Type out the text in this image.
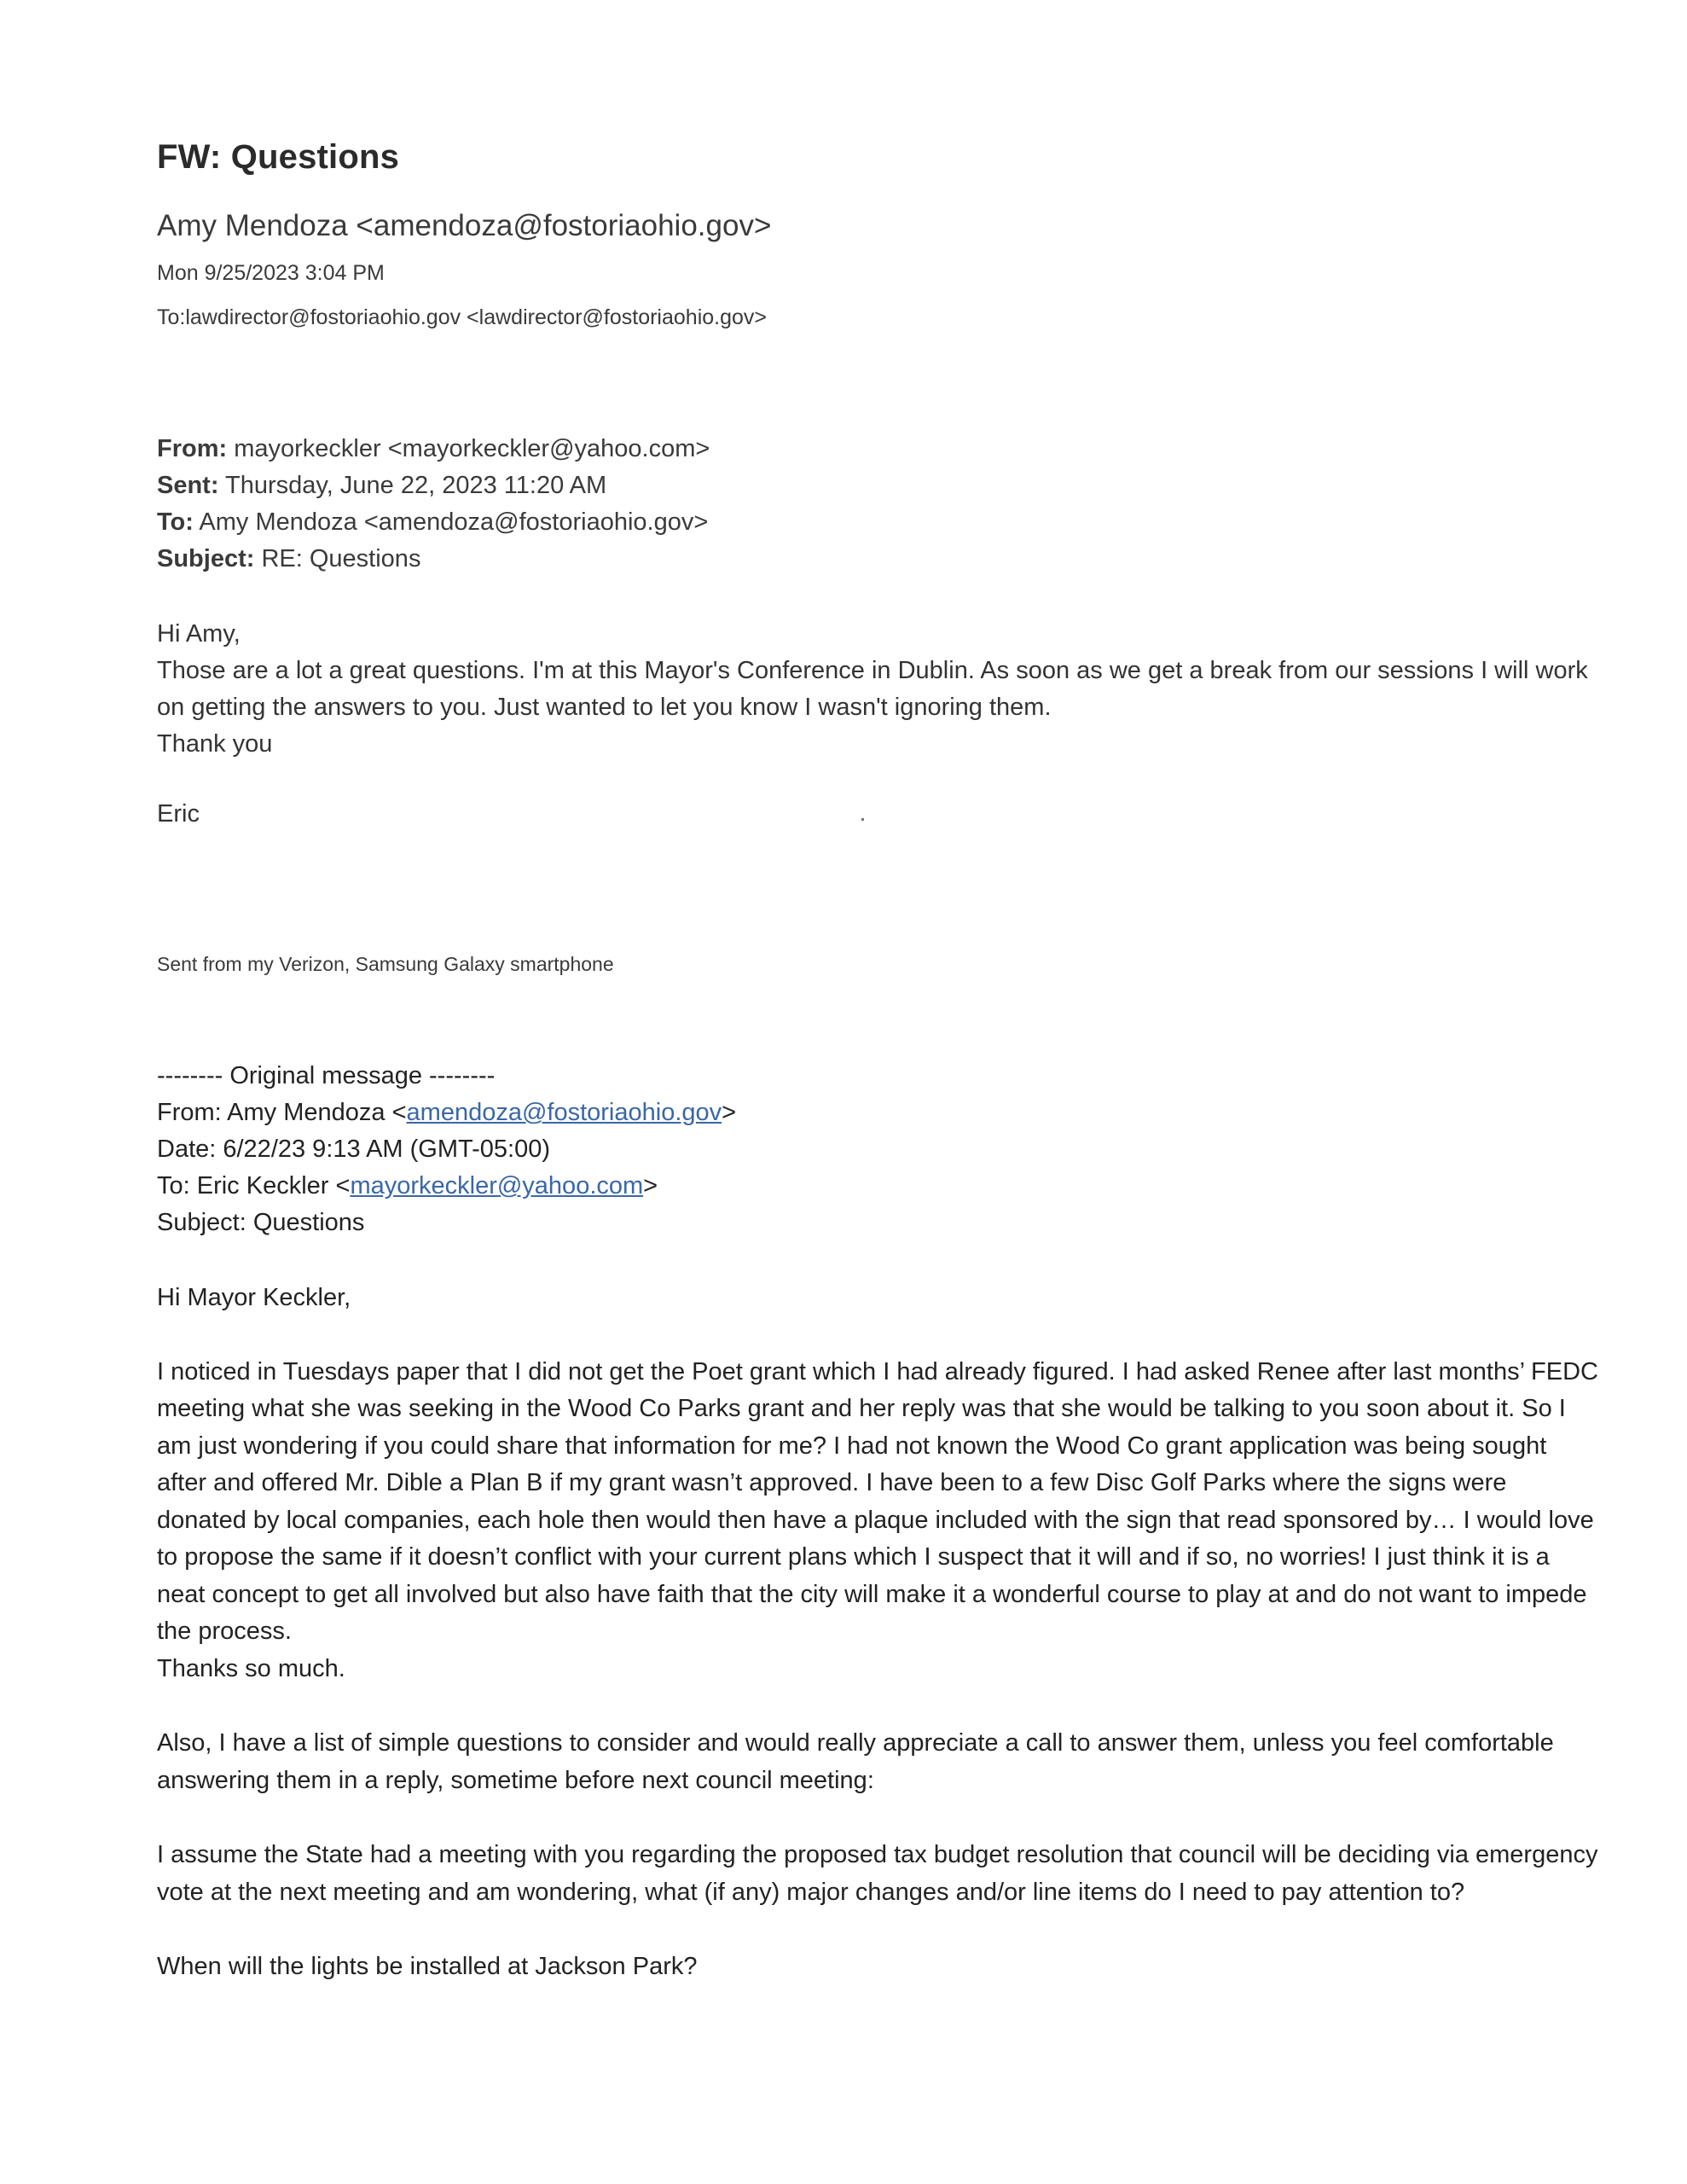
FW: Questions
Amy Mendoza <amendoza@fostoriaohio.gov>
Mon 9/25/2023 3:04 PM
To:lawdirector@fostoriaohio.gov <lawdirector@fostoriaohio.gov>
From: mayorkeckler <mayorkeckler@yahoo.com>
Sent: Thursday, June 22, 2023 11:20 AM
To: Amy Mendoza <amendoza@fostoriaohio.gov>
Subject: RE: Questions

Hi Amy,

Those are a lot a great questions. I'm at this Mayor's Conference in Dublin. As soon as we get a break from our sessions I will work on getting the answers to you. Just wanted to let you know I wasn't ignoring them.

Thank you

Eric
Sent from my Verizon, Samsung Galaxy smartphone
-------- Original message --------
From: Amy Mendoza <amendoza@fostoriaohio.gov>
Date: 6/22/23 9:13 AM (GMT-05:00)
To: Eric Keckler <mayorkeckler@yahoo.com>
Subject: Questions

Hi Mayor Keckler,

I noticed in Tuesdays paper that I did not get the Poet grant which I had already figured. I had asked Renee after last months’ FEDC meeting what she was seeking in the Wood Co Parks grant and her reply was that she would be talking to you soon about it. So I am just wondering if you could share that information for me? I had not known the Wood Co grant application was being sought after and offered Mr. Dible a Plan B if my grant wasn’t approved. I have been to a few Disc Golf Parks where the signs were donated by local companies, each hole then would then have a plaque included with the sign that read sponsored by… I would love to propose the same if it doesn’t conflict with your current plans which I suspect that it will and if so, no worries! I just think it is a neat concept to get all involved but also have faith that the city will make it a wonderful course to play at and do not want to impede the process.

Thanks so much.

Also, I have a list of simple questions to consider and would really appreciate a call to answer them, unless you feel comfortable answering them in a reply, sometime before next council meeting:

I assume the State had a meeting with you regarding the proposed tax budget resolution that council will be deciding via emergency vote at the next meeting and am wondering, what (if any) major changes and/or line items do I need to pay attention to?

When will the lights be installed at Jackson Park?
